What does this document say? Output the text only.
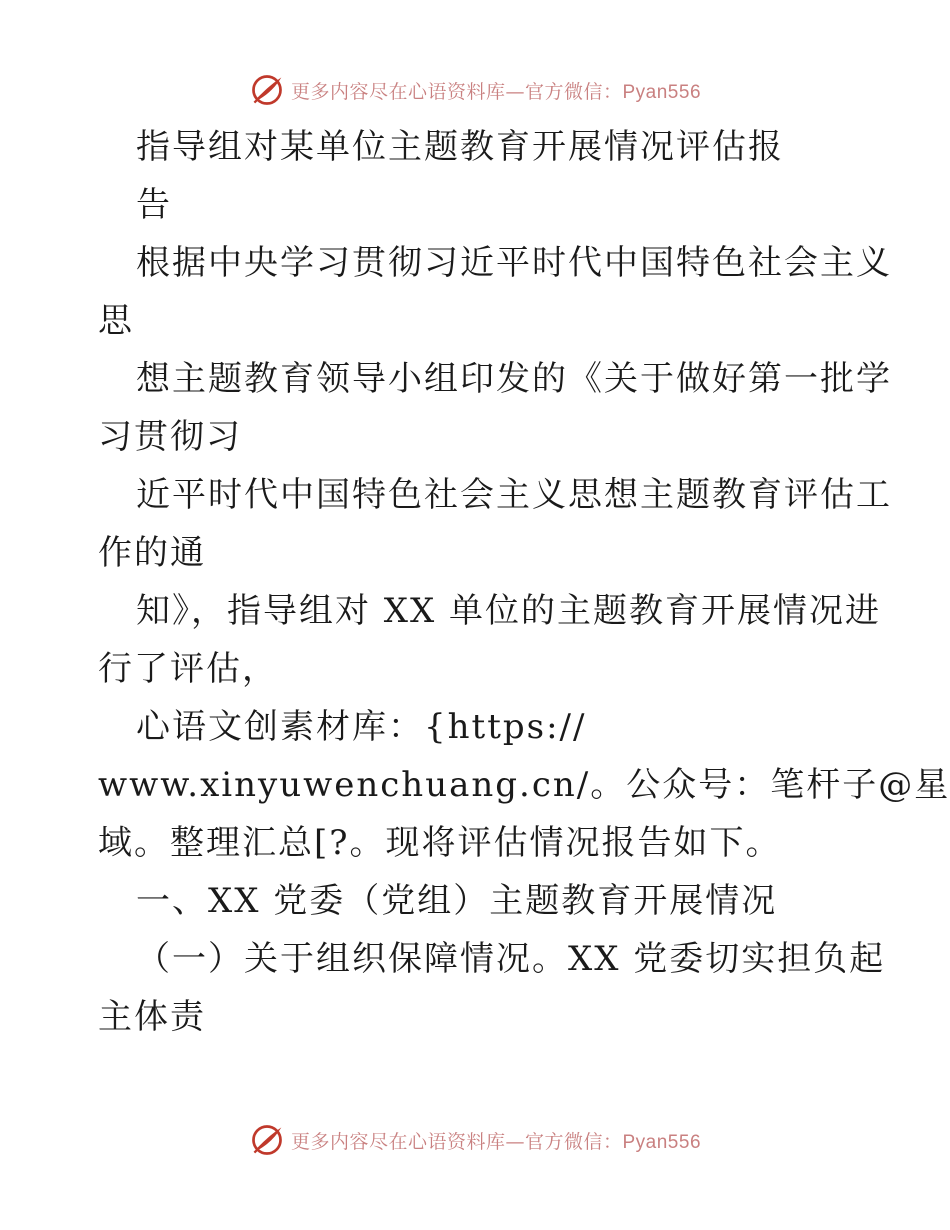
更多内容尽在心语资料库—官方微信：Pyan556
指导组对某单位主题教育开展情况评估报
告
根据中央学习贯彻习近平时代中国特色社会主义
思
想主题教育领导小组印发的《关于做好第一批学
习贯彻习
近平时代中国特色社会主义思想主题教育评估工
作的通
知》，指导组对 XX 单位的主题教育开展情况进
行了评估，
心语文创素材库：{https://
www.xinyuwenchuang.cn/。公众号：笔杆子@星
域。整理汇总[?。现将评估情况报告如下。
一、XX 党委（党组）主题教育开展情况
（一）关于组织保障情况。XX 党委切实担负起
主体责
更多内容尽在心语资料库—官方微信：Pyan556
